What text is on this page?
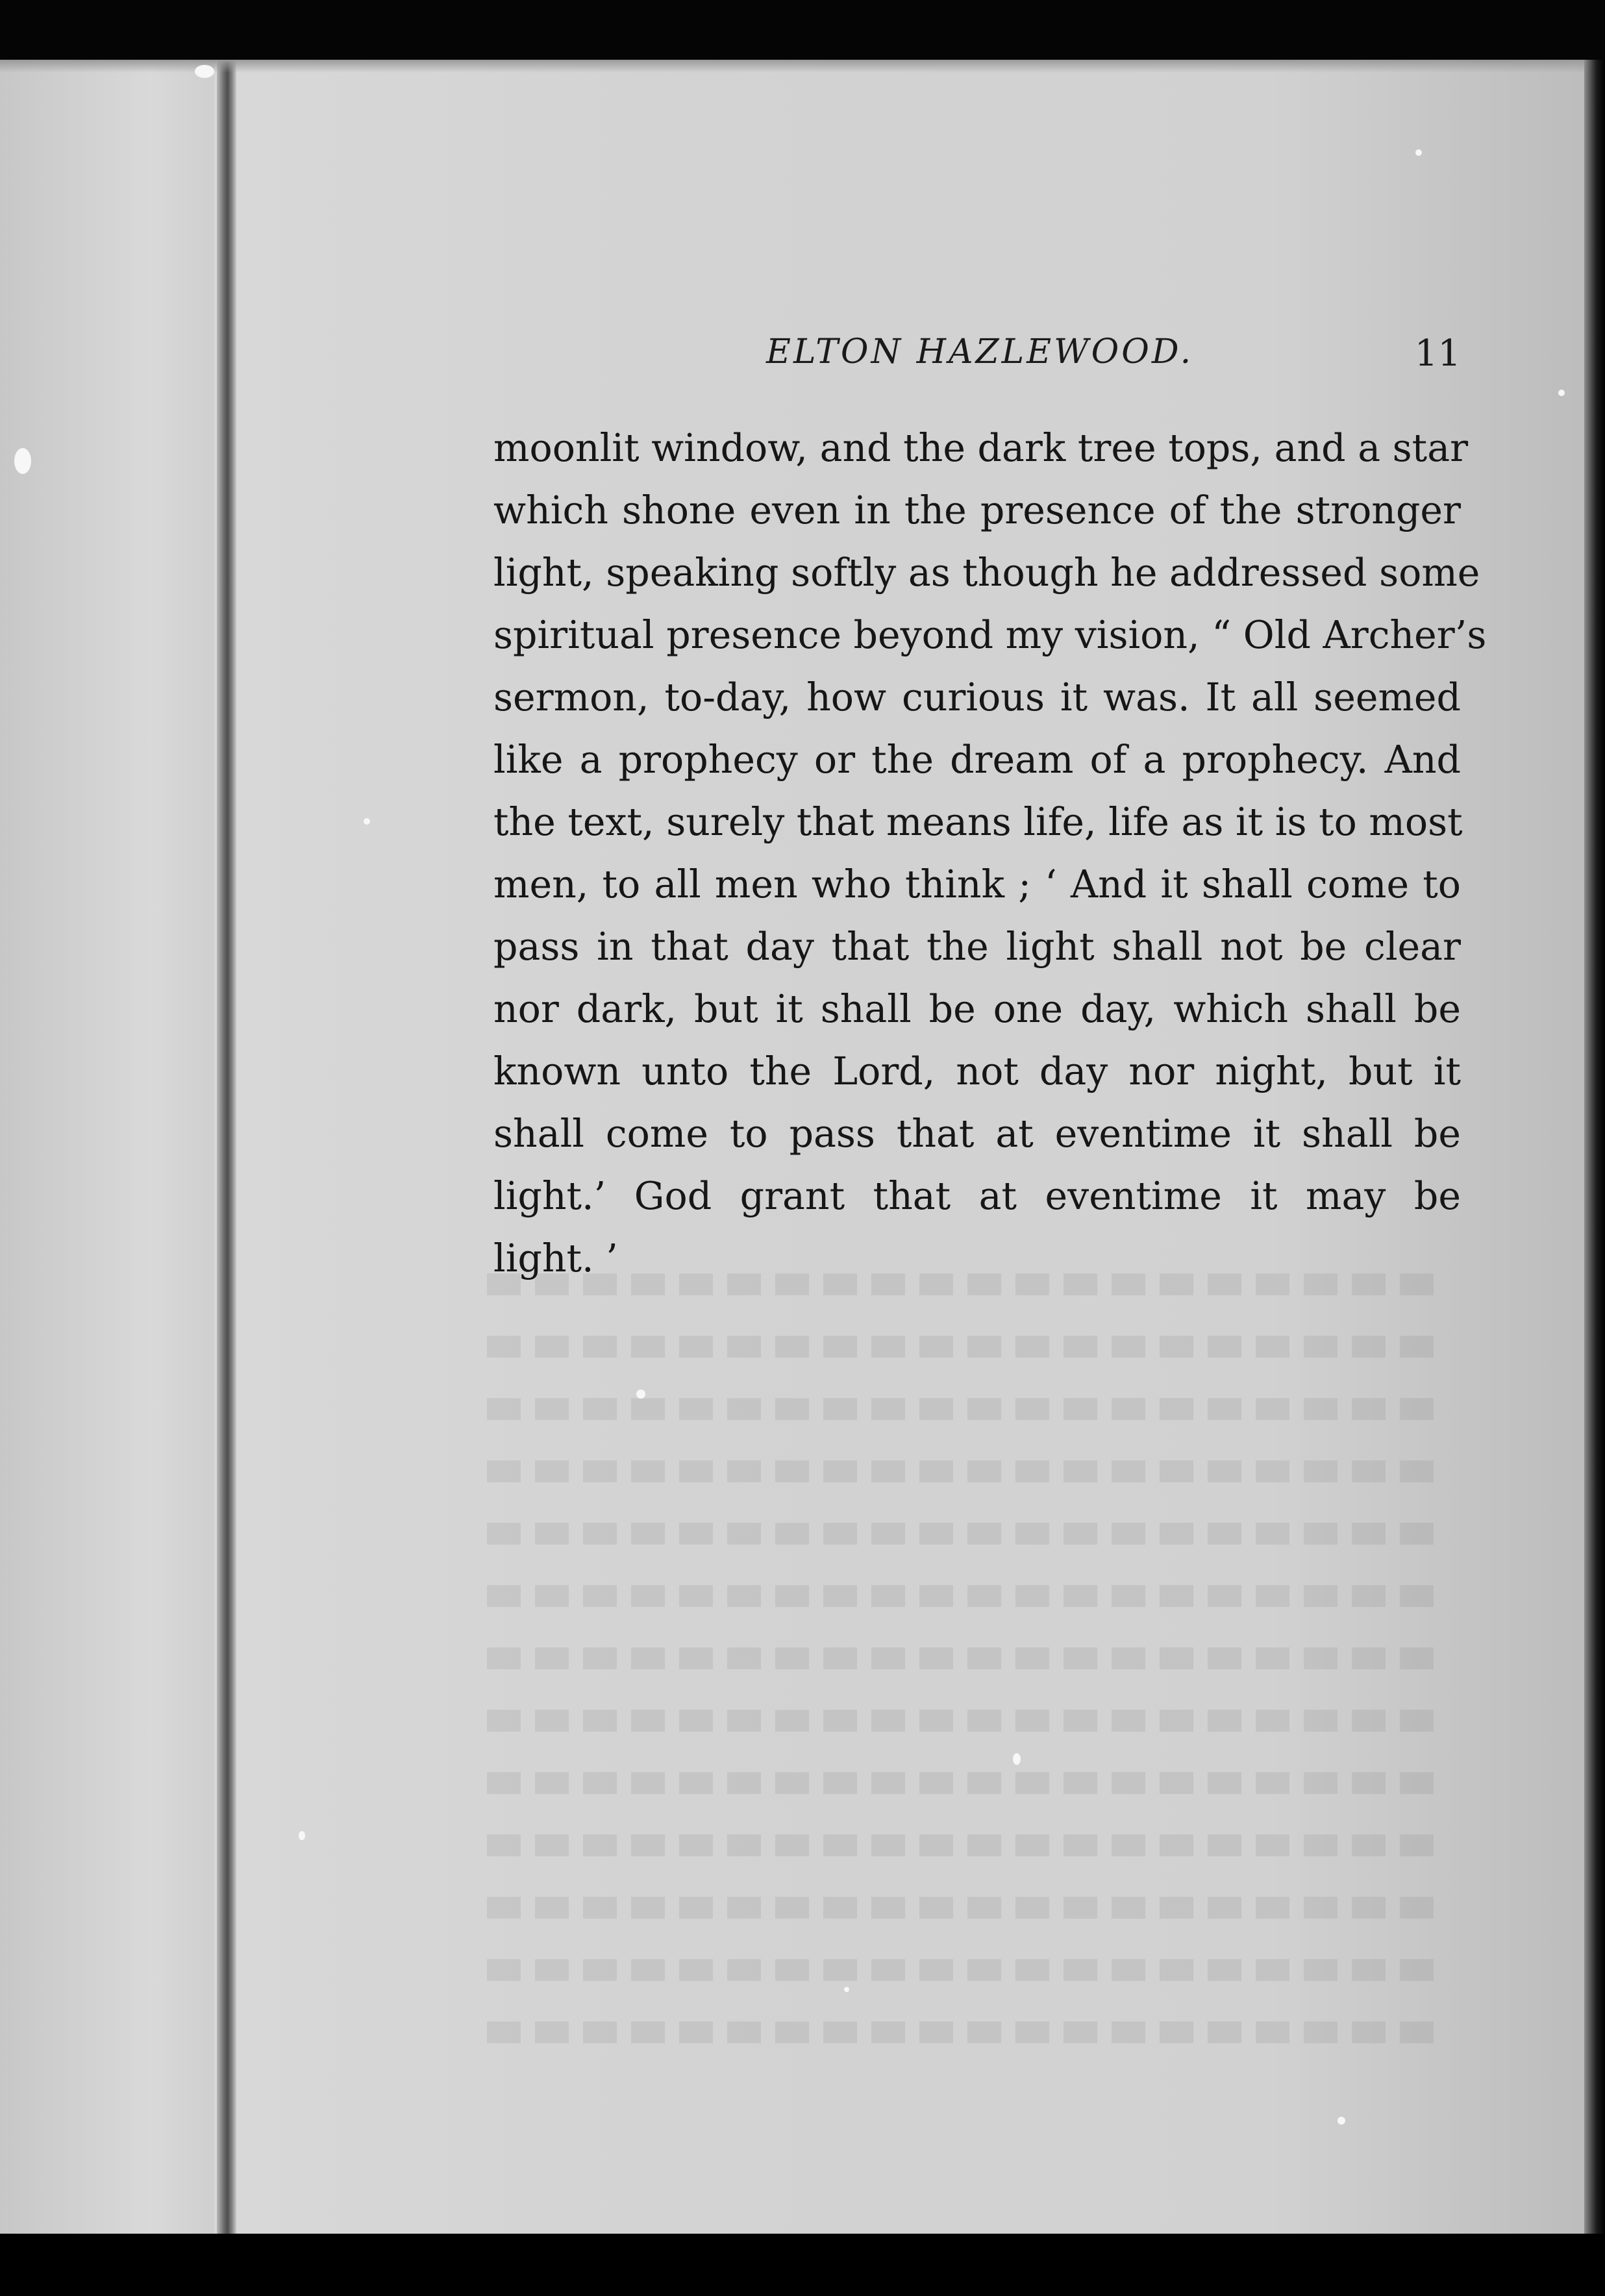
ELTON HAZLEWOOD.	11
moonlit window, and the dark tree tops, and a star
which shone even in the presence of the stronger
light, speaking softly as though he addressed some
spiritual presence beyond my vision, “ Old Archer’s
sermon, to-day, how curious it was. It all seemed
like a prophecy or the dream of a prophecy. And
the text, surely that means life, life as it is to most
men, to all men who think ; ‘ And it shall come to
pass in that day that the light shall not be clear
nor dark, but it shall be one day, which shall be
known unto the Lord, not day nor night, but it
shall come to pass that at eventime it shall be
light.’ God grant that at eventime it may be
light. ’
